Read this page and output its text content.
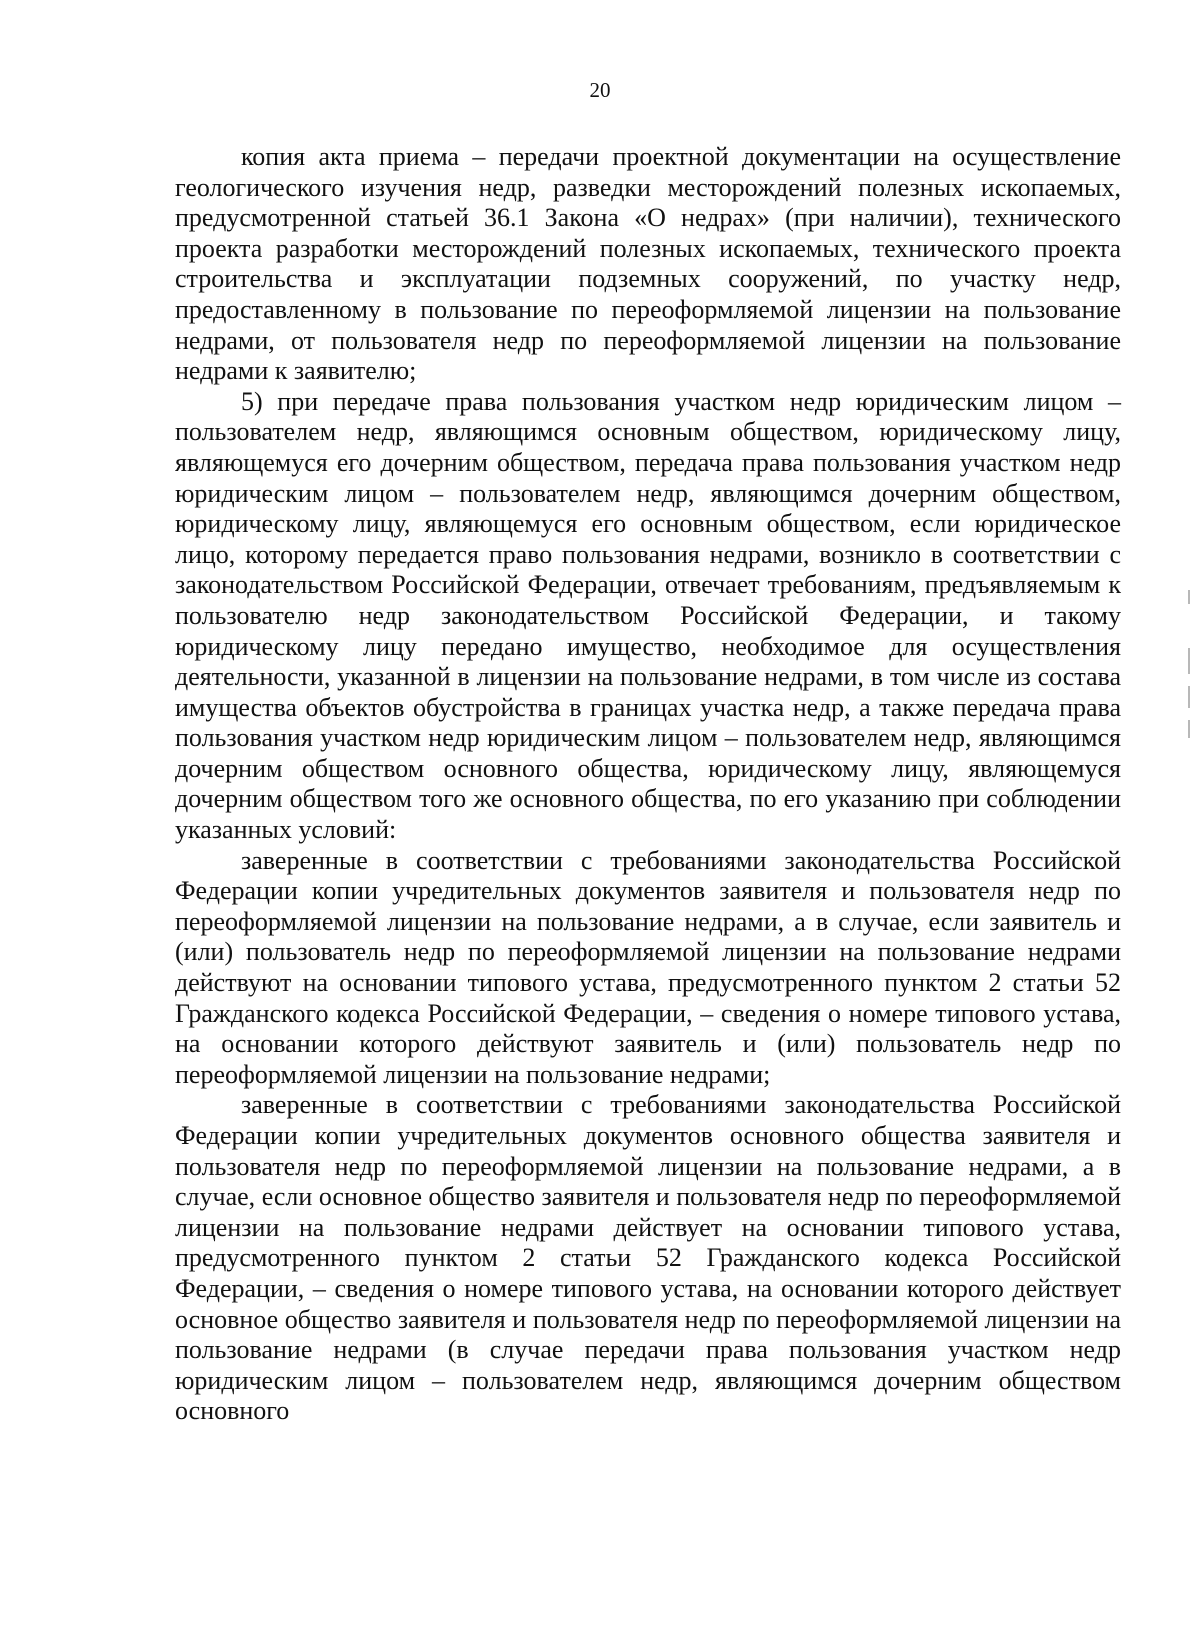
20

копия акта приема – передачи проектной документации на осуществление геологического изучения недр, разведки месторождений полезных ископаемых, предусмотренной статьей 36.1 Закона «О недрах» (при наличии), технического проекта разработки месторождений полезных ископаемых, технического проекта строительства и эксплуатации подземных сооружений, по участку недр, предоставленному в пользование по переоформляемой лицензии на пользование недрами, от пользователя недр по переоформляемой лицензии на пользование недрами к заявителю;

5) при передаче права пользования участком недр юридическим лицом – пользователем недр, являющимся основным обществом, юридическому лицу, являющемуся его дочерним обществом, передача права пользования участком недр юридическим лицом – пользователем недр, являющимся дочерним обществом, юридическому лицу, являющемуся его основным обществом, если юридическое лицо, которому передается право пользования недрами, возникло в соответствии с законодательством Российской Федерации, отвечает требованиям, предъявляемым к пользователю недр законодательством Российской Федерации, и такому юридическому лицу передано имущество, необходимое для осуществления деятельности, указанной в лицензии на пользование недрами, в том числе из состава имущества объектов обустройства в границах участка недр, а также передача права пользования участком недр юридическим лицом – пользователем недр, являющимся дочерним обществом основного общества, юридическому лицу, являющемуся дочерним обществом того же основного общества, по его указанию при соблюдении указанных условий:

заверенные в соответствии с требованиями законодательства Российской Федерации копии учредительных документов заявителя и пользователя недр по переоформляемой лицензии на пользование недрами, а в случае, если заявитель и (или) пользователь недр по переоформляемой лицензии на пользование недрами действуют на основании типового устава, предусмотренного пунктом 2 статьи 52 Гражданского кодекса Российской Федерации, – сведения о номере типового устава, на основании которого действуют заявитель и (или) пользователь недр по переоформляемой лицензии на пользование недрами;

заверенные в соответствии с требованиями законодательства Российской Федерации копии учредительных документов основного общества заявителя и пользователя недр по переоформляемой лицензии на пользование недрами, а в случае, если основное общество заявителя и пользователя недр по переоформляемой лицензии на пользование недрами действует на основании типового устава, предусмотренного пунктом 2 статьи 52 Гражданского кодекса Российской Федерации, – сведения о номере типового устава, на основании которого действует основное общество заявителя и пользователя недр по переоформляемой лицензии на пользование недрами (в случае передачи права пользования участком недр юридическим лицом – пользователем недр, являющимся дочерним обществом основного
